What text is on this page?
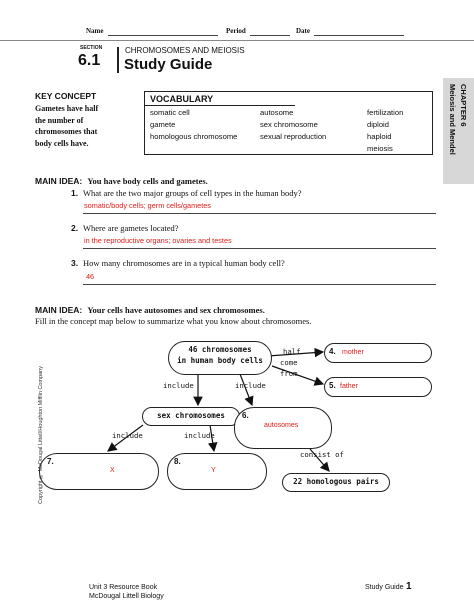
Name	Period	Date
SECTION
6.1
CHROMOSOMES AND MEIOSIS
Study Guide
CHAPTER 6
Meiosis and Mendel
KEY CONCEPT
Gametes have half
the number of
chromosomes that
body cells have.
VOCABULARY
somatic cell	autosome	fertilization
gamete	sex chromosome	diploid
homologous chromosome	sexual reproduction	haploid
		meiosis
MAIN IDEA: You have body cells and gametes.
1. What are the two major groups of cell types in the human body?
somatic/body cells; germ cells/gametes
2. Where are gametes located?
in the reproductive organs; ovaries and testes
3. How many chromosomes are in a typical human body cell?
46
MAIN IDEA: Your cells have autosomes and sex chromosomes.
Fill in the concept map below to summarize what you know about chromosomes.
46 chromosomes
in human body cells
half
come
from
4. mother
5. father
include	include
sex chromosomes	6.
autosomes
include	include
7.
X
8.
Y
consist of
22 homologous pairs
Copyright © McDougal Littell/Houghton Mifflin Company
Unit 3 Resource Book
McDougal Littell Biology
Study Guide 1
